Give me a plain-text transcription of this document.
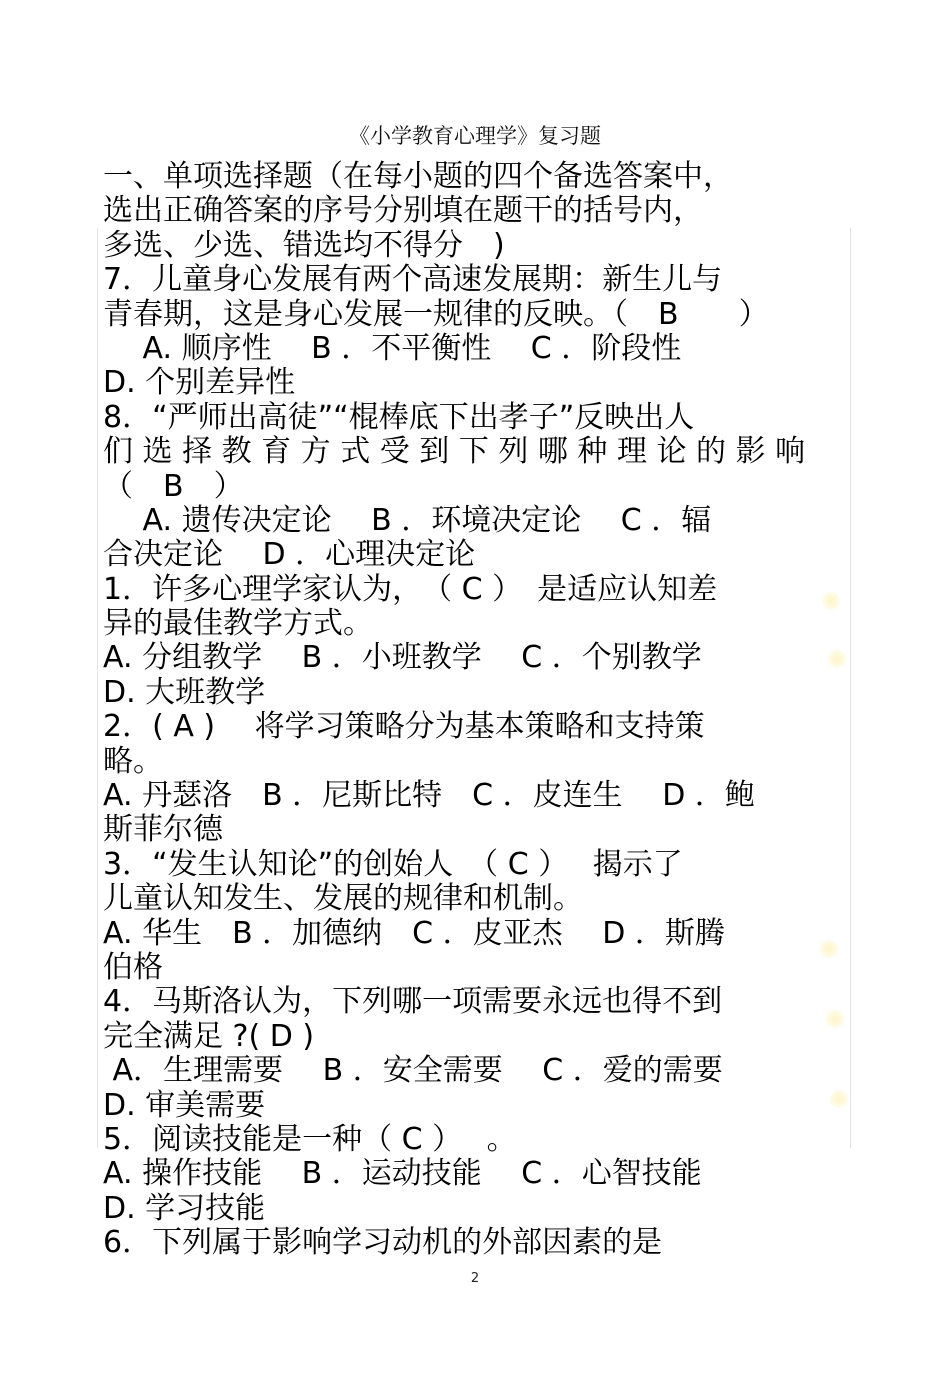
《小学教育心理学》复习题
一、单项选择题（在每小题的四个备选答案中，
选出正确答案的序号分别填在题干的括号内，
多选、少选、错选均不得分　)
7．儿童身心发展有两个高速发展期：新生儿与
青春期，这是身心发展一规律的反映。（　B　　）
　 A. 顺序性　 B ．不平衡性　 C ．阶段性
D. 个别差异性
8．“严师出高徒”“棍棒底下出孝子”反映出人
们 选 择 教 育 方 式 受 到 下 列 哪 种 理 论 的 影 响
（　B　）
　 A. 遗传决定论　 B ．环境决定论　 C ．辐
合决定论　 D ．心理决定论
1．许多心理学家认为，　（ C ）　是适应认知差
异的最佳教学方式。
A. 分组教学　 B ．小班教学　 C ．个别教学
D. 大班教学
2．( A )　 将学习策略分为基本策略和支持策
略。
A. 丹瑟洛　B ．尼斯比特　C ．皮连生　 D ．鲍
斯菲尔德
3．“发生认知论”的创始人　（ C ）　 揭示了
儿童认知发生、发展的规律和机制。
A. 华生　B ．加德纳　C ．皮亚杰　 D ．斯腾
伯格
4．马斯洛认为，下列哪一项需要永远也得不到
完全满足 ?( D )
A．生理需要　 B ．安全需要　 C ．爱的需要
D. 审美需要
5．阅读技能是一种（ C ）　 。
A. 操作技能　 B ．运动技能　 C ．心智技能
D. 学习技能
6．下列属于影响学习动机的外部因素的是
2
